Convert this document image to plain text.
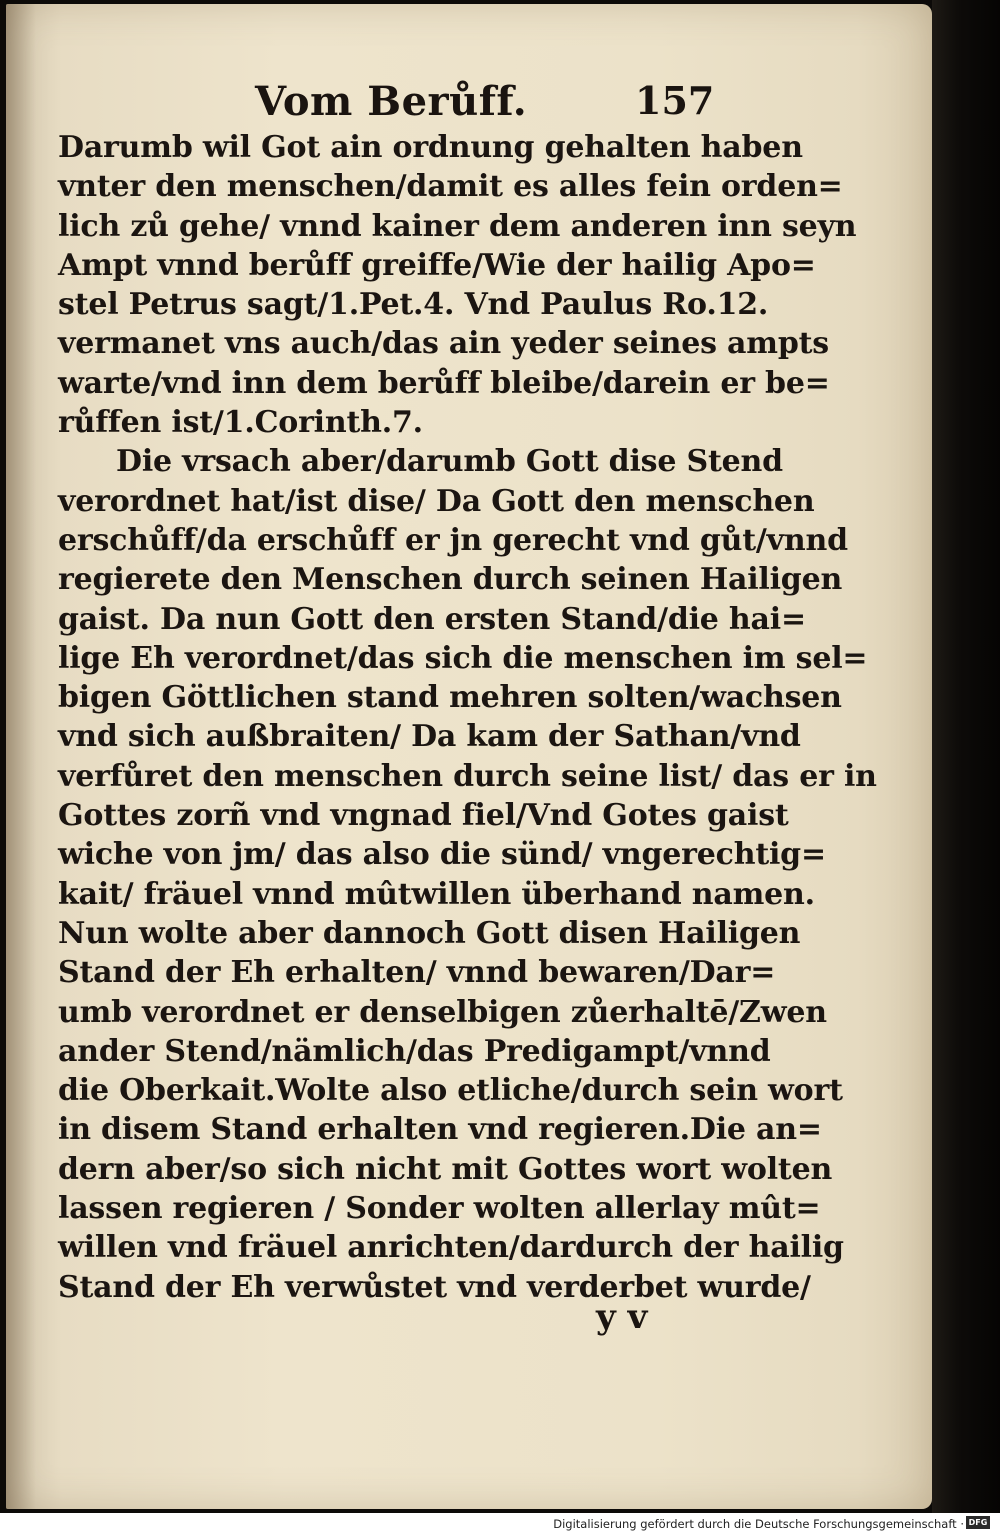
Vom Berůff.	157
Darumb wil Got ain ordnung gehalten haben
vnter den menschen/damit es alles fein orden=
lich zů gehe/ vnnd kainer dem anderen inn seyn
Ampt vnnd berůff greiffe/Wie der hailig Apo=
stel Petrus sagt/1.Pet.4. Vnd Paulus Ro.12.
vermanet vns auch/das ain yeder seines ampts
warte/vnd inn dem berůff bleibe/darein er be=
růffen ist/1.Corinth.7.
Die vrsach aber/darumb Gott dise Stend
verordnet hat/ist dise/ Da Gott den menschen
erschůff/da erschůff er jn gerecht vnd gůt/vnnd
regierete den Menschen durch seinen Hailigen
gaist. Da nun Gott den ersten Stand/die hai=
lige Eh verordnet/das sich die menschen im sel=
bigen Göttlichen stand mehren solten/wachsen
vnd sich außbraiten/ Da kam der Sathan/vnd
verfůret den menschen durch seine list/ das er in
Gottes zorñ vnd vngnad fiel/Vnd Gotes gaist
wiche von jm/ das also die sünd/ vngerechtig=
kait/ fräuel vnnd mûtwillen überhand namen.
Nun wolte aber dannoch Gott disen Hailigen
Stand der Eh erhalten/ vnnd bewaren/Dar=
umb verordnet er denselbigen zůerhaltē/Zwen
ander Stend/nämlich/das Predigampt/vnnd
die Oberkait.Wolte also etliche/durch sein wort
in disem Stand erhalten vnd regieren.Die an=
dern aber/so sich nicht mit Gottes wort wolten
lassen regieren / Sonder wolten allerlay mût=
willen vnd fräuel anrichten/dardurch der hailig
Stand der Eh verwůstet vnd verderbet wurde/
y v
Digitalisierung gefördert durch die Deutsche Forschungsgemeinschaft · DFG
